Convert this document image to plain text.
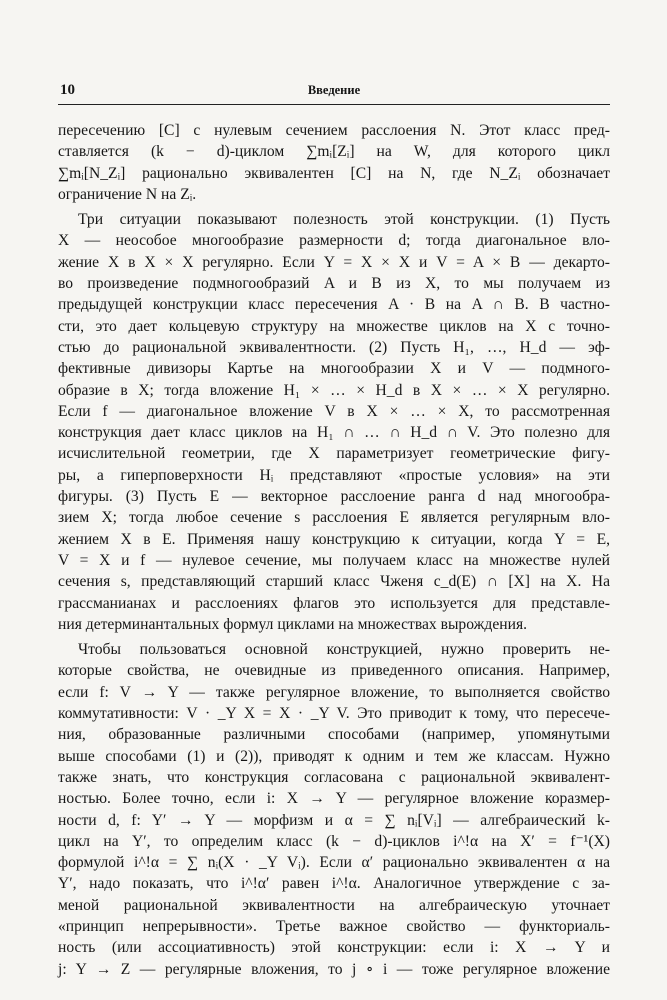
10	Введение
пересечению [C] с нулевым сечением расслоения N. Этот класс пред-
ставляется (k − d)-циклом ∑mᵢ[Zᵢ] на W, для которого цикл
∑mᵢ[N_Zᵢ] рационально эквивалентен [C] на N, где N_Zᵢ обозначает
ограничение N на Zᵢ.
Три ситуации показывают полезность этой конструкции. (1) Пусть
X — неособое многообразие размерности d; тогда диагональное вло-
жение X в X × X регулярно. Если Y = X × X и V = A × B — декарто-
во произведение подмногообразий A и B из X, то мы получаем из
предыдущей конструкции класс пересечения A · B на A ∩ B. В частно-
сти, это дает кольцевую структуру на множестве циклов на X с точно-
стью до рациональной эквивалентности. (2) Пусть H₁, …, H_d — эф-
фективные дивизоры Картье на многообразии X и V — подмного-
образие в X; тогда вложение H₁ × … × H_d в X × … × X регулярно.
Если f — диагональное вложение V в X × … × X, то рассмотренная
конструкция дает класс циклов на H₁ ∩ … ∩ H_d ∩ V. Это полезно для
исчислительной геометрии, где X параметризует геометрические фигу-
ры, а гиперповерхности Hᵢ представляют «простые условия» на эти
фигуры. (3) Пусть E — векторное расслоение ранга d над многообра-
зием X; тогда любое сечение s расслоения E является регулярным вло-
жением X в E. Применяя нашу конструкцию к ситуации, когда Y = E,
V = X и f — нулевое сечение, мы получаем класс на множестве нулей
сечения s, представляющий старший класс Чженя c_d(E) ∩ [X] на X. На
грассманианах и расслоениях флагов это используется для представле-
ния детерминантальных формул циклами на множествах вырождения.
Чтобы пользоваться основной конструкцией, нужно проверить не-
которые свойства, не очевидные из приведенного описания. Например,
если f: V → Y — также регулярное вложение, то выполняется свойство
коммутативности: V · _Y X = X · _Y V. Это приводит к тому, что пересече-
ния, образованные различными способами (например, упомянутыми
выше способами (1) и (2)), приводят к одним и тем же классам. Нужно
также знать, что конструкция согласована с рациональной эквивалент-
ностью. Более точно, если i: X → Y — регулярное вложение коразмер-
ности d, f: Y′ → Y — морфизм и α = ∑ nᵢ[Vᵢ] — алгебраический k-
цикл на Y′, то определим класс (k − d)-циклов i^!α на X′ = f⁻¹(X)
формулой i^!α = ∑ nᵢ(X · _Y Vᵢ). Если α′ рационально эквивалентен α на
Y′, надо показать, что i^!α′ равен i^!α. Аналогичное утверждение с за-
меной рациональной эквивалентности на алгебраическую уточнает
«принцип непрерывности». Третье важное свойство — функториаль-
ность (или ассоциативность) этой конструкции: если i: X → Y и
j: Y → Z — регулярные вложения, то j ∘ i — тоже регулярное вложение
